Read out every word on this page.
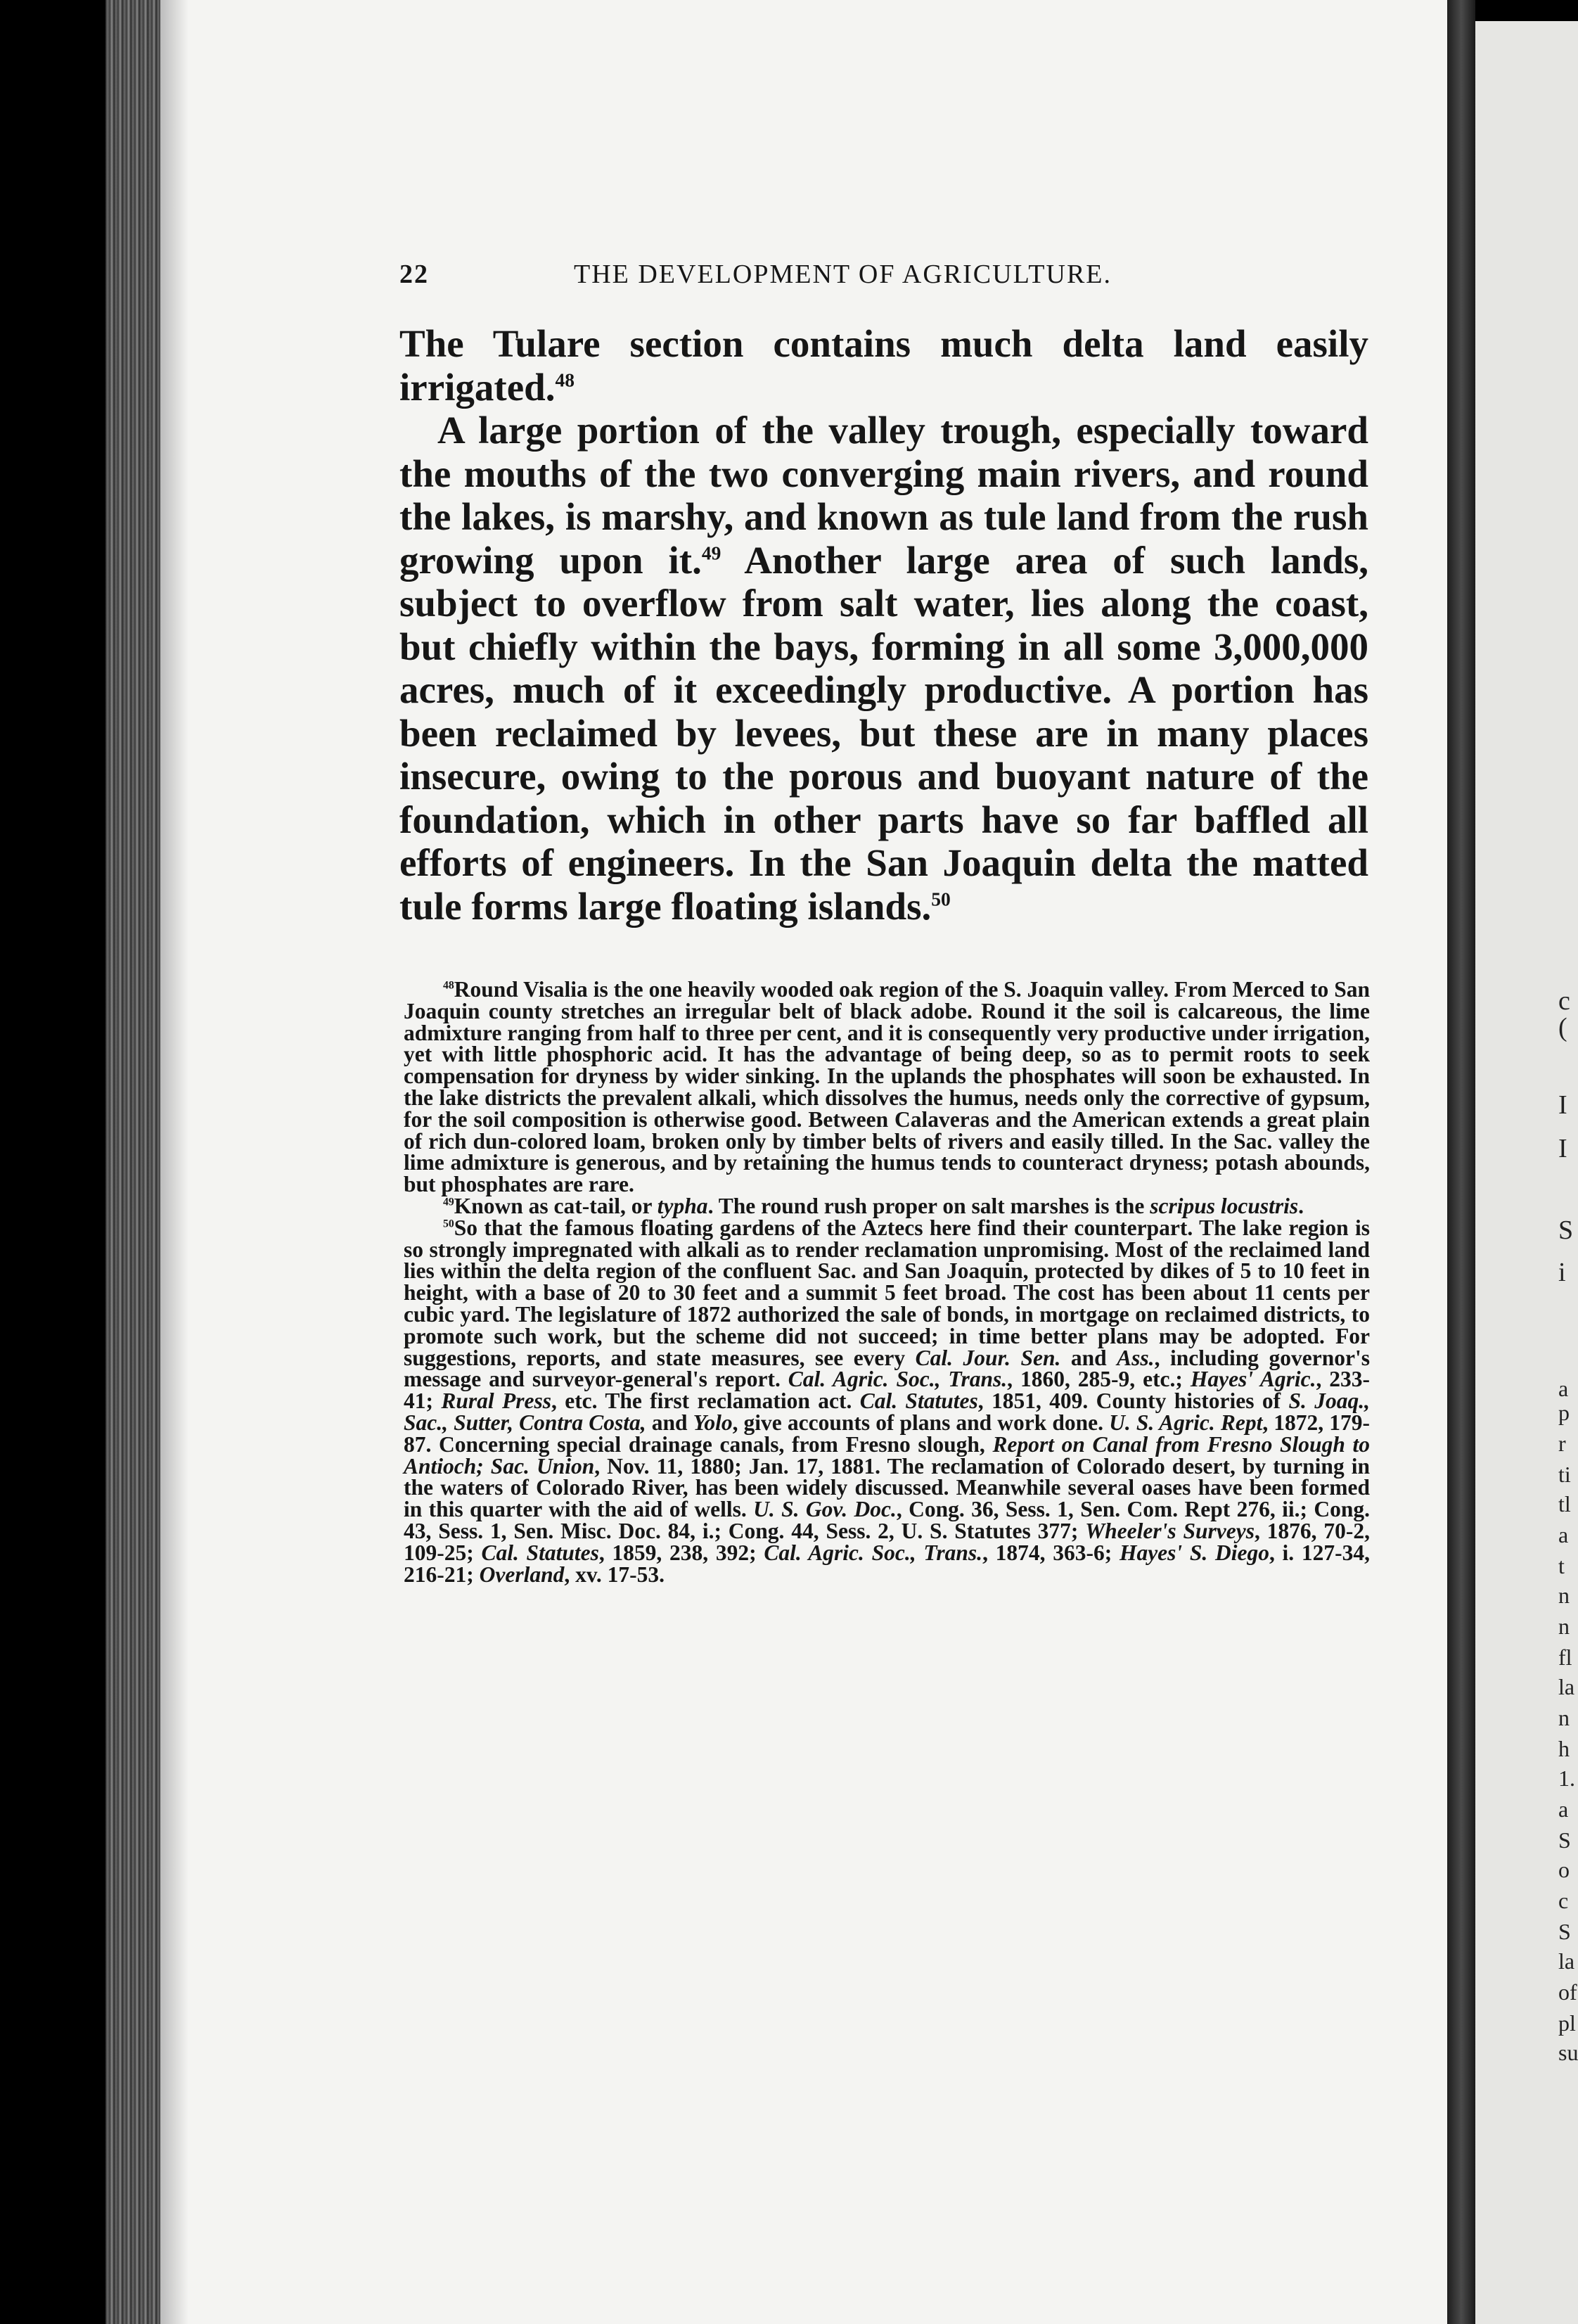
c
(
I
I
S
i
a
p
r
ti
tl
a
t
n
n
fl
la
n
h
1.
a
S
o
c
S
la
of
pl
su
22	THE DEVELOPMENT OF AGRICULTURE.

The Tulare section contains much delta land easily irrigated.$^{48}$

A large portion of the valley trough, especially toward the mouths of the two converging main rivers, and round the lakes, is marshy, and known as tule land from the rush growing upon it.$^{49}$ Another large area of such lands, subject to overflow from salt water, lies along the coast, but chiefly within the bays, forming in all some 3,000,000 acres, much of it exceedingly productive. A portion has been reclaimed by levees, but these are in many places insecure, owing to the porous and buoyant nature of the foundation, which in other parts have so far baffled all efforts of engineers. In the San Joaquin delta the matted tule forms large floating islands.$^{50}$

$^{48}$Round Visalia is the one heavily wooded oak region of the S. Joaquin valley. From Merced to San Joaquin county stretches an irregular belt of black adobe. Round it the soil is calcareous, the lime admixture ranging from half to three per cent, and it is consequently very productive under irrigation, yet with little phosphoric acid. It has the advantage of being deep, so as to permit roots to seek compensation for dryness by wider sinking. In the uplands the phosphates will soon be exhausted. In the lake districts the prevalent alkali, which dissolves the humus, needs only the corrective of gypsum, for the soil composition is otherwise good. Between Calaveras and the American extends a great plain of rich dun-colored loam, broken only by timber belts of rivers and easily tilled. In the Sac. valley the lime admixture is generous, and by retaining the humus tends to counteract dryness; potash abounds, but phosphates are rare.

$^{49}$Known as cat-tail, or typha. The round rush proper on salt marshes is the scripus locustris.

$^{50}$So that the famous floating gardens of the Aztecs here find their counterpart. The lake region is so strongly impregnated with alkali as to render reclamation unpromising. Most of the reclaimed land lies within the delta region of the confluent Sac. and San Joaquin, protected by dikes of 5 to 10 feet in height, with a base of 20 to 30 feet and a summit 5 feet broad. The cost has been about 11 cents per cubic yard. The legislature of 1872 authorized the sale of bonds, in mortgage on reclaimed districts, to promote such work, but the scheme did not succeed; in time better plans may be adopted. For suggestions, reports, and state measures, see every Cal. Jour. Sen. and Ass., including governor's message and surveyor-general's report. Cal. Agric. Soc., Trans., 1860, 285-9, etc.; Hayes' Agric., 233-41; Rural Press, etc. The first reclamation act. Cal. Statutes, 1851, 409. County histories of S. Joaq., Sac., Sutter, Contra Costa, and Yolo, give accounts of plans and work done. U. S. Agric. Rept, 1872, 179-87. Concerning special drainage canals, from Fresno slough, Report on Canal from Fresno Slough to Antioch; Sac. Union, Nov. 11, 1880; Jan. 17, 1881. The reclamation of Colorado desert, by turning in the waters of Colorado River, has been widely discussed. Meanwhile several oases have been formed in this quarter with the aid of wells. U. S. Gov. Doc., Cong. 36, Sess. 1, Sen. Com. Rept 276, ii.; Cong. 43, Sess. 1, Sen. Misc. Doc. 84, i.; Cong. 44, Sess. 2, U. S. Statutes 377; Wheeler's Surveys, 1876, 70-2, 109-25; Cal. Statutes, 1859, 238, 392; Cal. Agric. Soc., Trans., 1874, 363-6; Hayes' S. Diego, i. 127-34, 216-21; Overland, xv. 17-53.
